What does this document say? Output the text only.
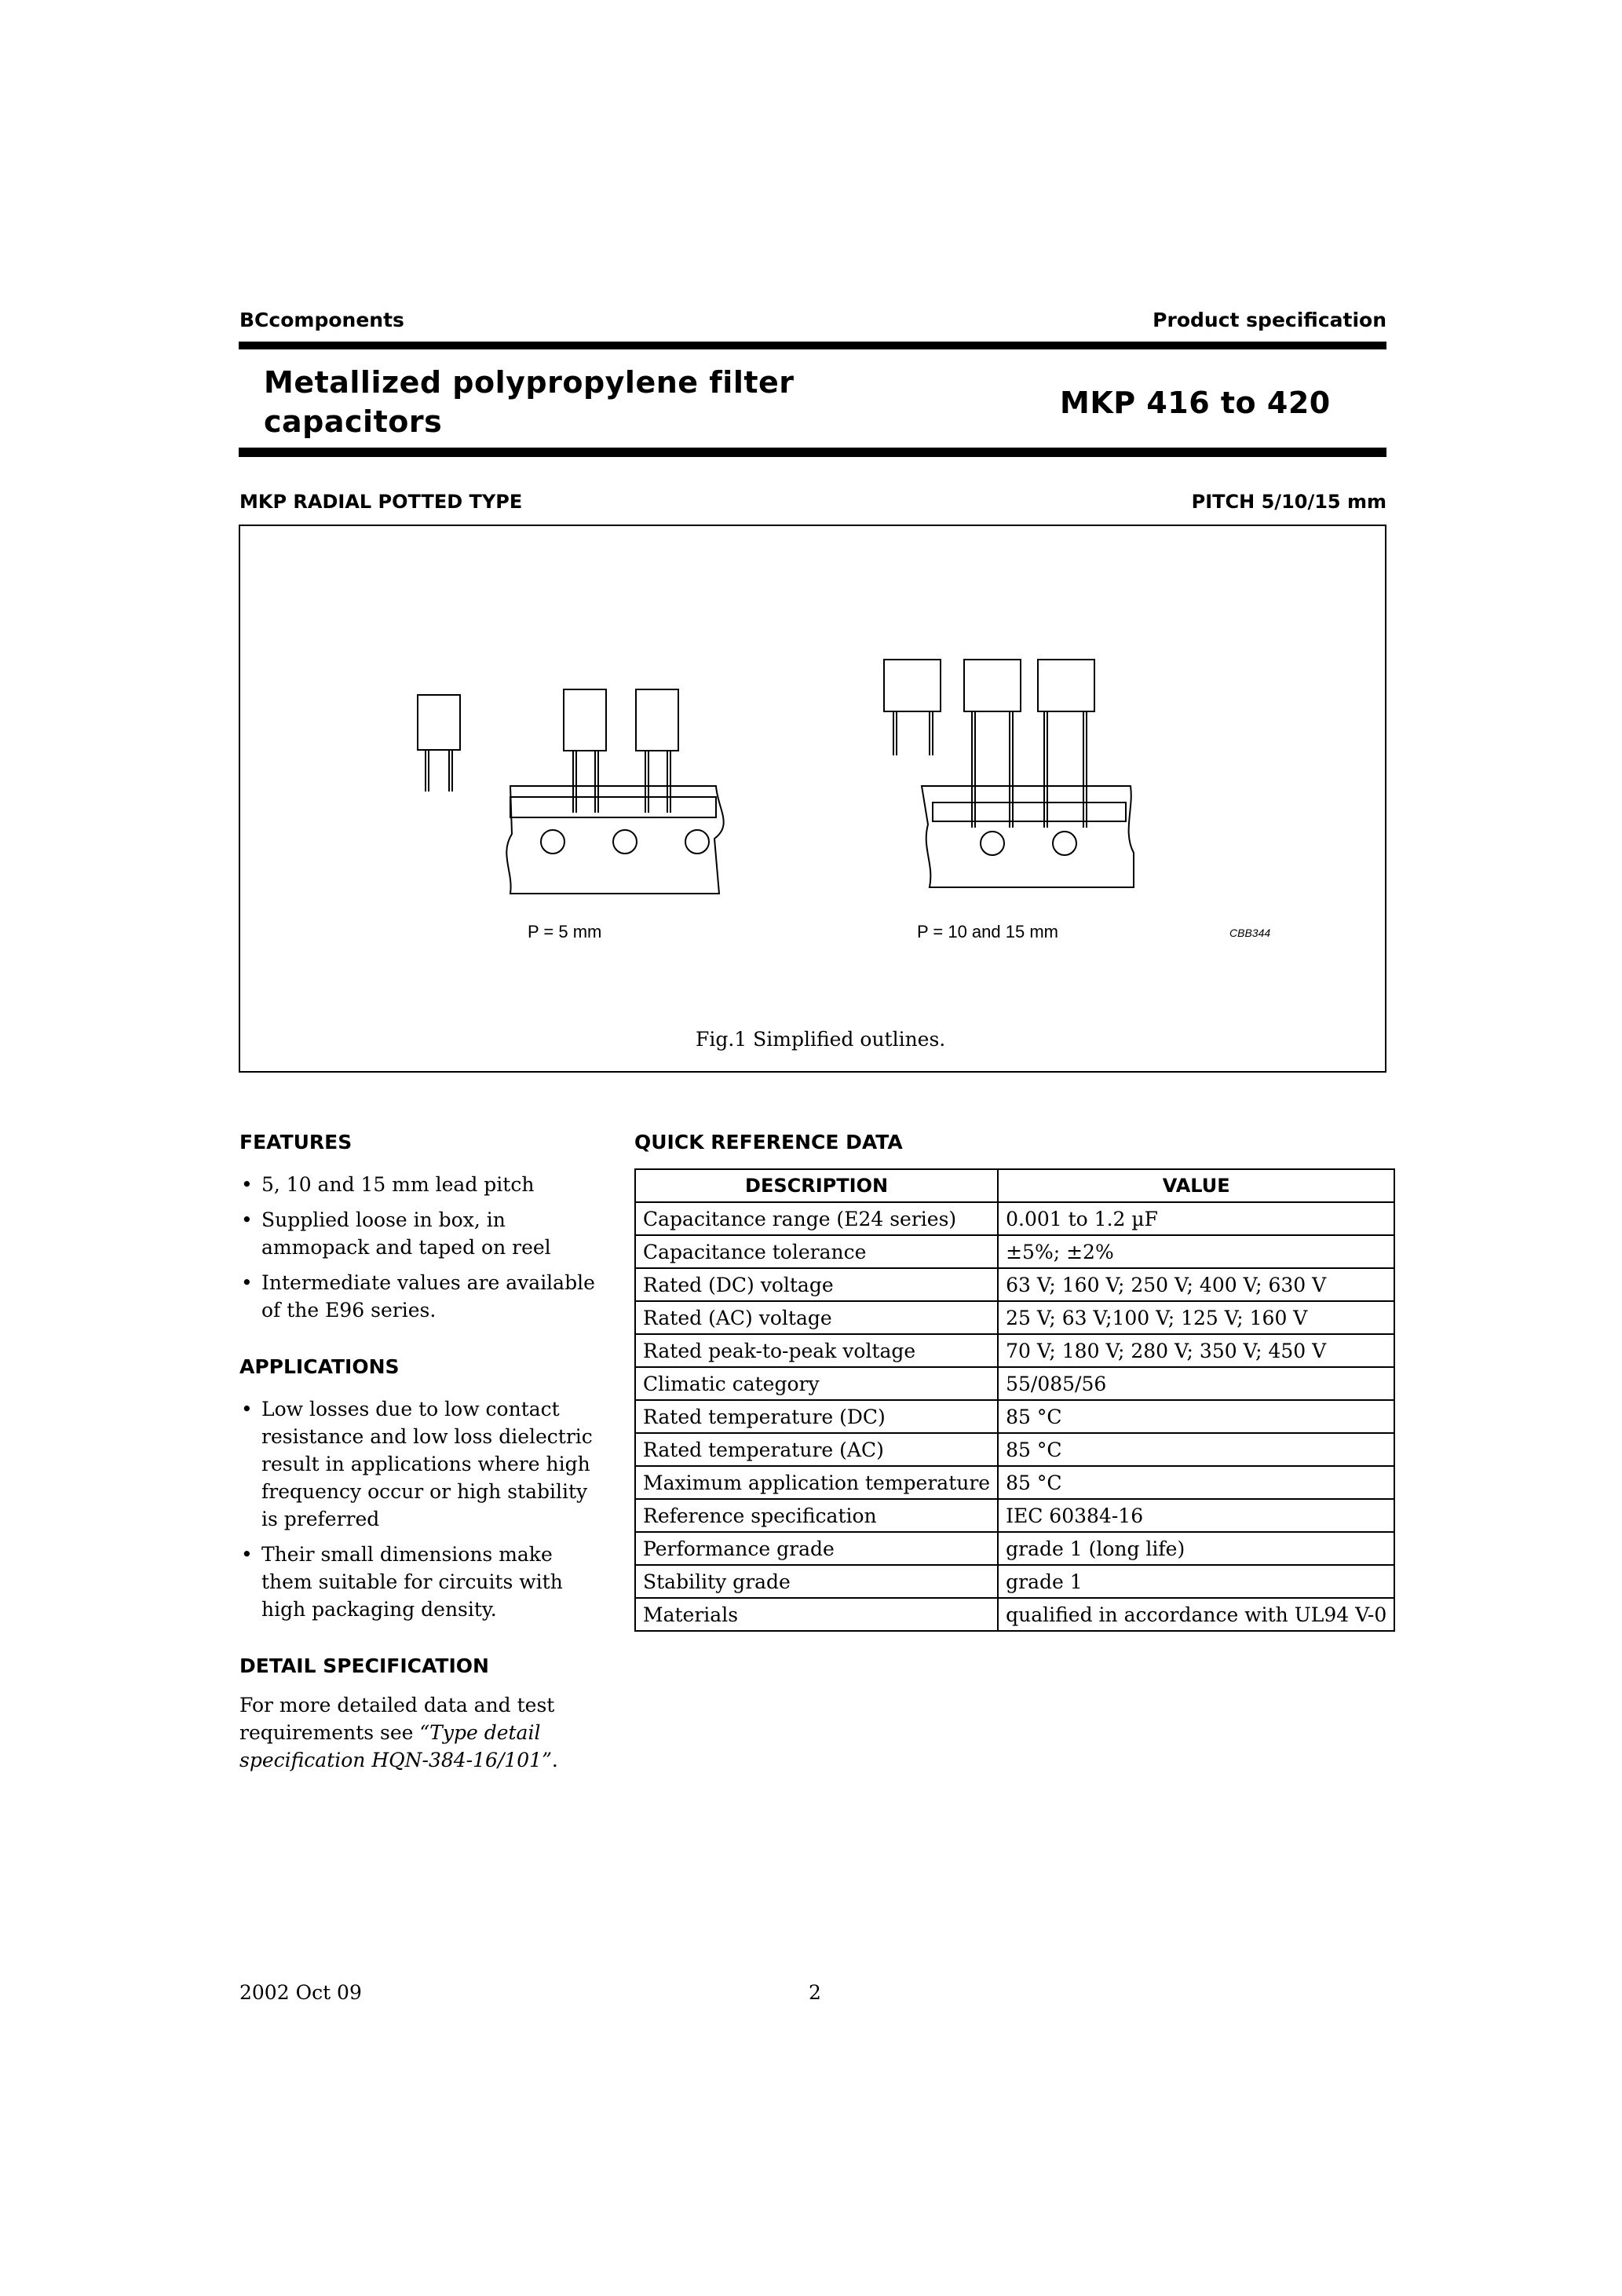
BCcomponents	Product specification
Metallized polypropylene filter
capacitors
MKP 416 to 420
MKP RADIAL POTTED TYPE	PITCH 5/10/15 mm
P = 5 mm	P = 10 and 15 mm	CBB344
Fig.1 Simplified outlines.
FEATURES
• 5, 10 and 15 mm lead pitch
• Supplied loose in box, in ammopack and taped on reel
• Intermediate values are available of the E96 series.
APPLICATIONS
• Low losses due to low contact resistance and low loss dielectric result in applications where high frequency occur or high stability is preferred
• Their small dimensions make them suitable for circuits with high packaging density.
DETAIL SPECIFICATION
For more detailed data and test requirements see “Type detail specification HQN-384-16/101”.
QUICK REFERENCE DATA
DESCRIPTION	VALUE
Capacitance range (E24 series)	0.001 to 1.2 µF
Capacitance tolerance	±5%; ±2%
Rated (DC) voltage	63 V; 160 V; 250 V; 400 V; 630 V
Rated (AC) voltage	25 V; 63 V;100 V; 125 V; 160 V
Rated peak-to-peak voltage	70 V; 180 V; 280 V; 350 V; 450 V
Climatic category	55/085/56
Rated temperature (DC)	85 °C
Rated temperature (AC)	85 °C
Maximum application temperature	85 °C
Reference specification	IEC 60384-16
Performance grade	grade 1 (long life)
Stability grade	grade 1
Materials	qualified in accordance with UL94 V-0
2002 Oct 09	2
